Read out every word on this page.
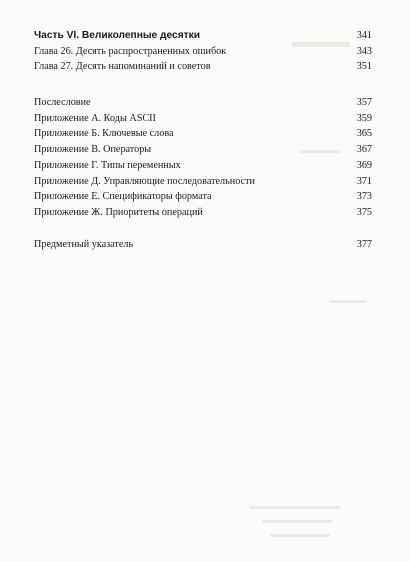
Часть VI. Великолепные десятки	341
Глава 26. Десять распространенных ошибок	343
Глава 27. Десять напоминаний и советов	351
Послесловие	357
Приложение А. Коды ASCII	359
Приложение Б. Ключевые слова	365
Приложение В. Операторы	367
Приложение Г. Типы переменных	369
Приложение Д. Управляющие последовательности	371
Приложение Е. Спецификаторы формата	373
Приложение Ж. Приоритеты операций	375
Предметный указатель	377
